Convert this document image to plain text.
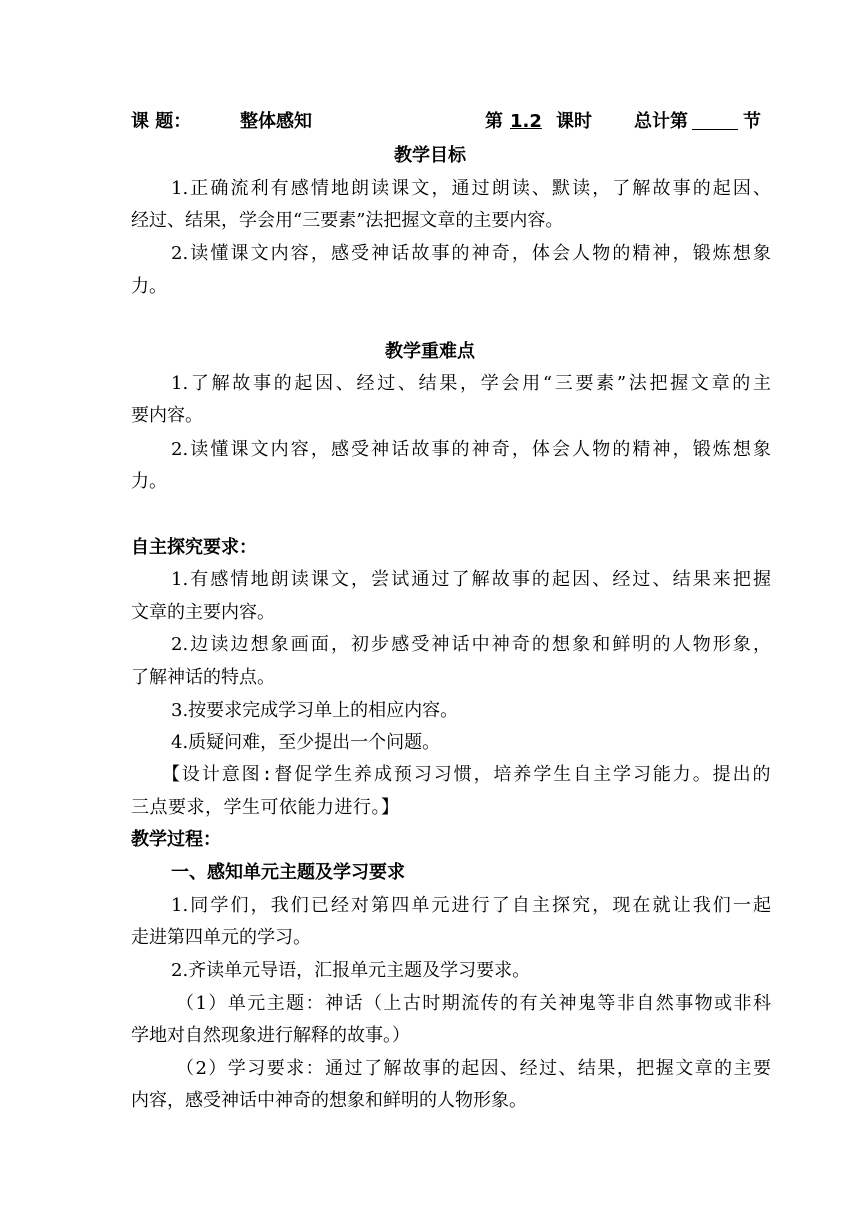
课 题：	整体感知	第 1.2 课时 总计第	节
教学目标
1.正确流利有感情地朗读课文，通过朗读、默读，了解故事的起因、
经过、结果，学会用“三要素”法把握文章的主要内容。
2.读懂课文内容，感受神话故事的神奇，体会人物的精神，锻炼想象
力。
教学重难点
1.了解故事的起因、经过、结果，学会用“三要素”法把握文章的主
要内容。
2.读懂课文内容，感受神话故事的神奇，体会人物的精神，锻炼想象
力。
自主探究要求：
1.有感情地朗读课文，尝试通过了解故事的起因、经过、结果来把握
文章的主要内容。
2.边读边想象画面，初步感受神话中神奇的想象和鲜明的人物形象，
了解神话的特点。
3.按要求完成学习单上的相应内容。
4.质疑问难，至少提出一个问题。
【设计意图:督促学生养成预习习惯，培养学生自主学习能力。提出的
三点要求，学生可依能力进行。】
教学过程：
一、感知单元主题及学习要求
1.同学们，我们已经对第四单元进行了自主探究，现在就让我们一起
走进第四单元的学习。
2.齐读单元导语，汇报单元主题及学习要求。
（1）单元主题：神话（上古时期流传的有关神鬼等非自然事物或非科
学地对自然现象进行解释的故事。）
（2）学习要求：通过了解故事的起因、经过、结果，把握文章的主要
内容，感受神话中神奇的想象和鲜明的人物形象。
